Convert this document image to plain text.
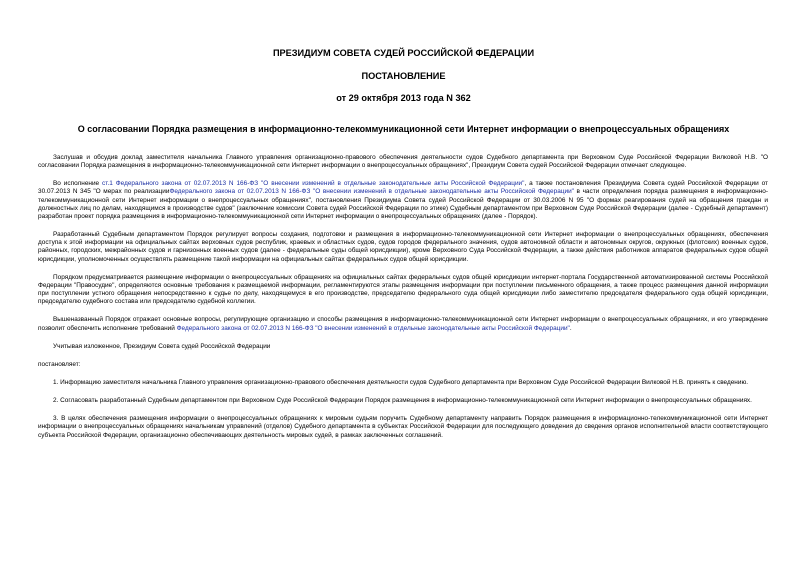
ПРЕЗИДИУМ СОВЕТА СУДЕЙ РОССИЙСКОЙ ФЕДЕРАЦИИ
ПОСТАНОВЛЕНИЕ
от 29 октября 2013 года N 362
О согласовании Порядка размещения в информационно-телекоммуникационной сети Интернет информации о внепроцессуальных обращениях

Заслушав и обсудив доклад заместителя начальника Главного управления организационно-правового обеспечения деятельности судов Судебного департамента при Верховном Суде Российской Федерации Вилковой Н.В. "О согласовании Порядка размещения в информационно-телекоммуникационной сети Интернет информации о внепроцессуальных обращениях", Президиум Совета судей Российской Федерации отмечает следующее.

Во исполнение ст.1 Федерального закона от 02.07.2013 N 166-ФЗ "О внесении изменений в отдельные законодательные акты Российской Федерации", а также постановления Президиума Совета судей Российской Федерации от 30.07.2013 N 345 "О мерах по реализацииФедерального закона от 02.07.2013 N 166-ФЗ "О внесении изменений в отдельные законодательные акты Российской Федерации" в части определения порядка размещения в информационно-телекоммуникационной сети Интернет информации о внепроцессуальных обращениях", постановления Президиума Совета судей Российской Федерации от 30.03.2006 N 95 "О формах реагирования судей на обращения граждан и должностных лиц по делам, находящимся в производстве судов" (заключение комиссии Совета судей Российской Федерации по этике) Судебным департаментом при Верховном Суде Российской Федерации (далее - Судебный департамент) разработан проект порядка размещения в информационно-телекоммуникационной сети Интернет информации о внепроцессуальных обращениях (далее - Порядок).

Разработанный Судебным департаментом Порядок регулирует вопросы создания, подготовки и размещения в информационно-телекоммуникационной сети Интернет информации о внепроцессуальных обращениях, обеспечения доступа к этой информации на официальных сайтах верховных судов республик, краевых и областных судов, судов городов федерального значения, судов автономной области и автономных округов, окружных (флотских) военных судов, районных, городских, межрайонных судов и гарнизонных военных судов (далее - федеральные суды общей юрисдикции), кроме Верховного Суда Российской Федерации, а также действия работников аппаратов федеральных судов общей юрисдикции, уполномоченных осуществлять размещение такой информации на официальных сайтах федеральных судов общей юрисдикции.

Порядком предусматривается размещение информации о внепроцессуальных обращениях на официальных сайтах федеральных судов общей юрисдикции интернет-портала Государственной автоматизированной системы Российской Федерации "Правосудие", определяются основные требования к размещаемой информации, регламентируются этапы размещения информации при поступлении письменного обращения, а также процесс размещения данной информации при поступлении устного обращения непосредственно к судье по делу, находящемуся в его производстве, председателю федерального суда общей юрисдикции либо заместителю председателя федерального суда общей юрисдикции, председателю судебного состава или председателю судебной коллегии.

Вышеназванный Порядок отражает основные вопросы, регулирующие организацию и способы размещения в информационно-телекоммуникационной сети Интернет информации о внепроцессуальных обращениях, и его утверждение позволит обеспечить исполнение требований Федерального закона от 02.07.2013 N 166-ФЗ "О внесении изменений в отдельные законодательные акты Российской Федерации".

Учитывая изложенное, Президиум Совета судей Российской Федерации

постановляет:

1. Информацию заместителя начальника Главного управления организационно-правового обеспечения деятельности судов Судебного департамента при Верховном Суде Российской Федерации Вилковой Н.В. принять к сведению.

2. Согласовать разработанный Судебным департаментом при Верховном Суде Российской Федерации Порядок размещения в информационно-телекоммуникационной сети Интернет информации о внепроцессуальных обращениях.

3. В целях обеспечения размещения информации о внепроцессуальных обращениях к мировым судьям поручить Судебному департаменту направить Порядок размещения в информационно-телекоммуникационной сети Интернет информации о внепроцессуальных обращениях начальникам управлений (отделов) Судебного департамента в субъектах Российской Федерации для последующего доведения до сведения органов исполнительной власти соответствующего субъекта Российской Федерации, организационно обеспечивающих деятельность мировых судей, в рамках заключенных соглашений.
